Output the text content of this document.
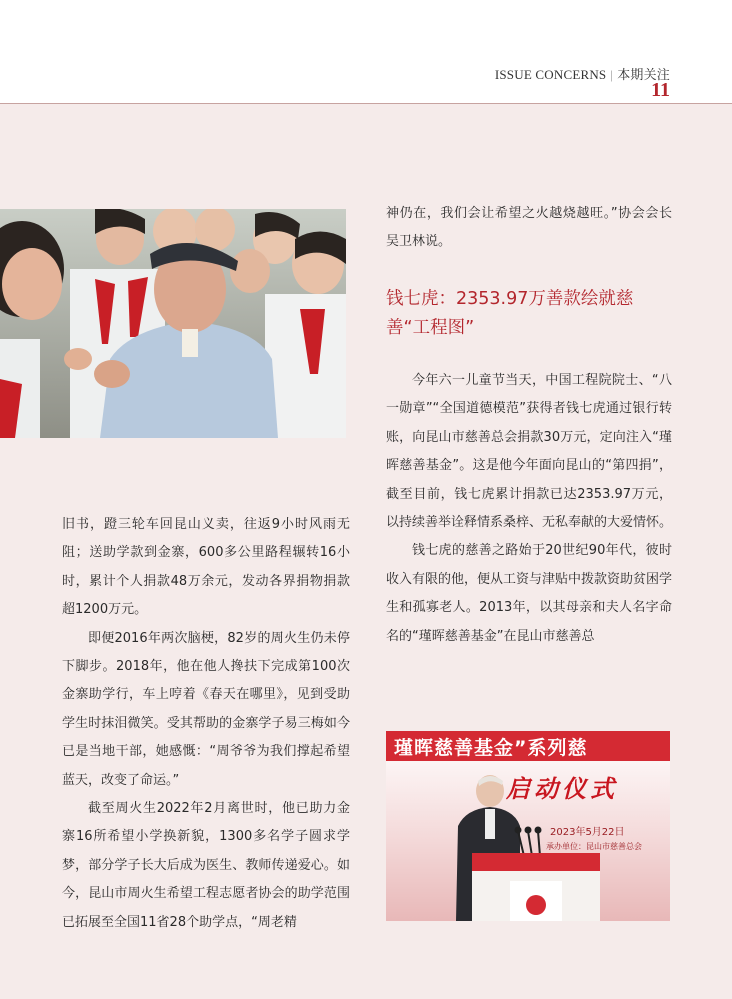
ISSUE CONCERNS | 本期关注
11

神仍在，我们会让希望之火越烧越旺。”协会会长吴卫林说。

钱七虎：2353.97万善款绘就慈善“工程图”

今年六一儿童节当天，中国工程院院士、“八一勋章”“全国道德模范”获得者钱七虎通过银行转账，向昆山市慈善总会捐款30万元，定向注入“瑾晖慈善基金”。这是他今年面向昆山的“第四捐”，截至目前，钱七虎累计捐款已达2353.97万元，以持续善举诠释情系桑梓、无私奉献的大爱情怀。

钱七虎的慈善之路始于20世纪90年代，彼时收入有限的他，便从工资与津贴中拨款资助贫困学生和孤寡老人。2013年，以其母亲和夫人名字命名的“瑾晖慈善基金”在昆山市慈善总

旧书，蹬三轮车回昆山义卖，往返9小时风雨无阻；送助学款到金寨，600多公里路程辗转16小时，累计个人捐款48万余元，发动各界捐物捐款超1200万元。

即便2016年两次脑梗，82岁的周火生仍未停下脚步。2018年，他在他人搀扶下完成第100次金寨助学行，车上哼着《春天在哪里》，见到受助学生时抹泪微笑。受其帮助的金寨学子易三梅如今已是当地干部，她感慨：“周爷爷为我们撑起希望蓝天，改变了命运。”

截至周火生2022年2月离世时，他已助力金寨16所希望小学换新貌，1300多名学子圆求学梦，部分学子长大后成为医生、教师传递爱心。如今，昆山市周火生希望工程志愿者协会的助学范围已拓展至全国11省28个助学点，“周老精

瑾晖慈善基金”系列慈
启动仪式
2023年5月22日
承办单位：昆山市慈善总会
